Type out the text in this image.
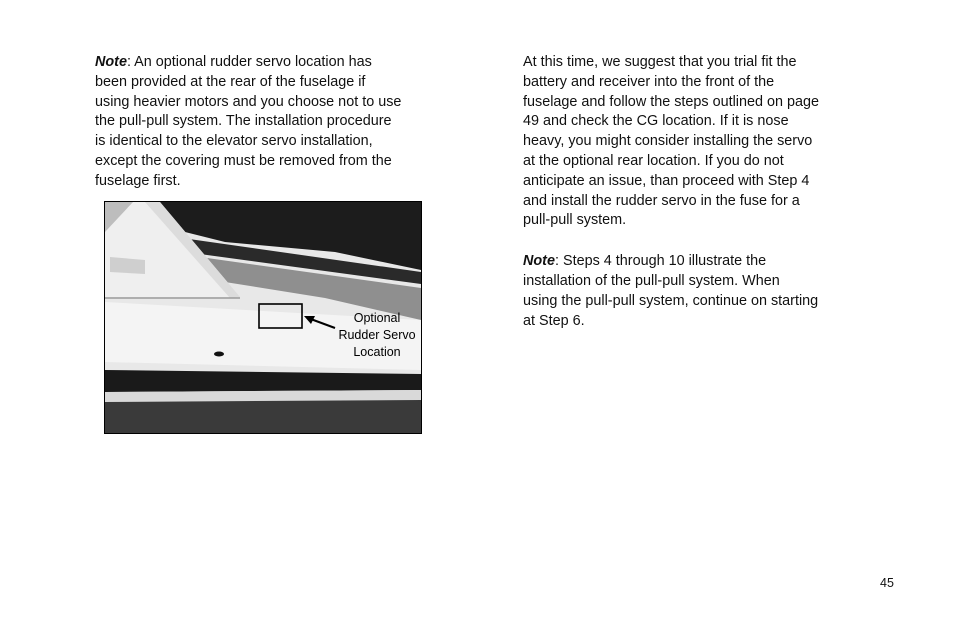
Note: An optional rudder servo location has
been provided at the rear of the fuselage if
using heavier motors and you choose not to use
the pull-pull system. The installation procedure
is identical to the elevator servo installation,
except the covering must be removed from the
fuselage first.

Optional
Rudder Servo
Location

At this time, we suggest that you trial fit the
battery and receiver into the front of the
fuselage and follow the steps outlined on page
49 and check the CG location. If it is nose
heavy, you might consider installing the servo
at the optional rear location. If you do not
anticipate an issue, than proceed with Step 4
and install the rudder servo in the fuse for a
pull-pull system.

Note: Steps 4 through 10 illustrate the
installation of the pull-pull system. When
using the pull-pull system, continue on starting
at Step 6.

45
